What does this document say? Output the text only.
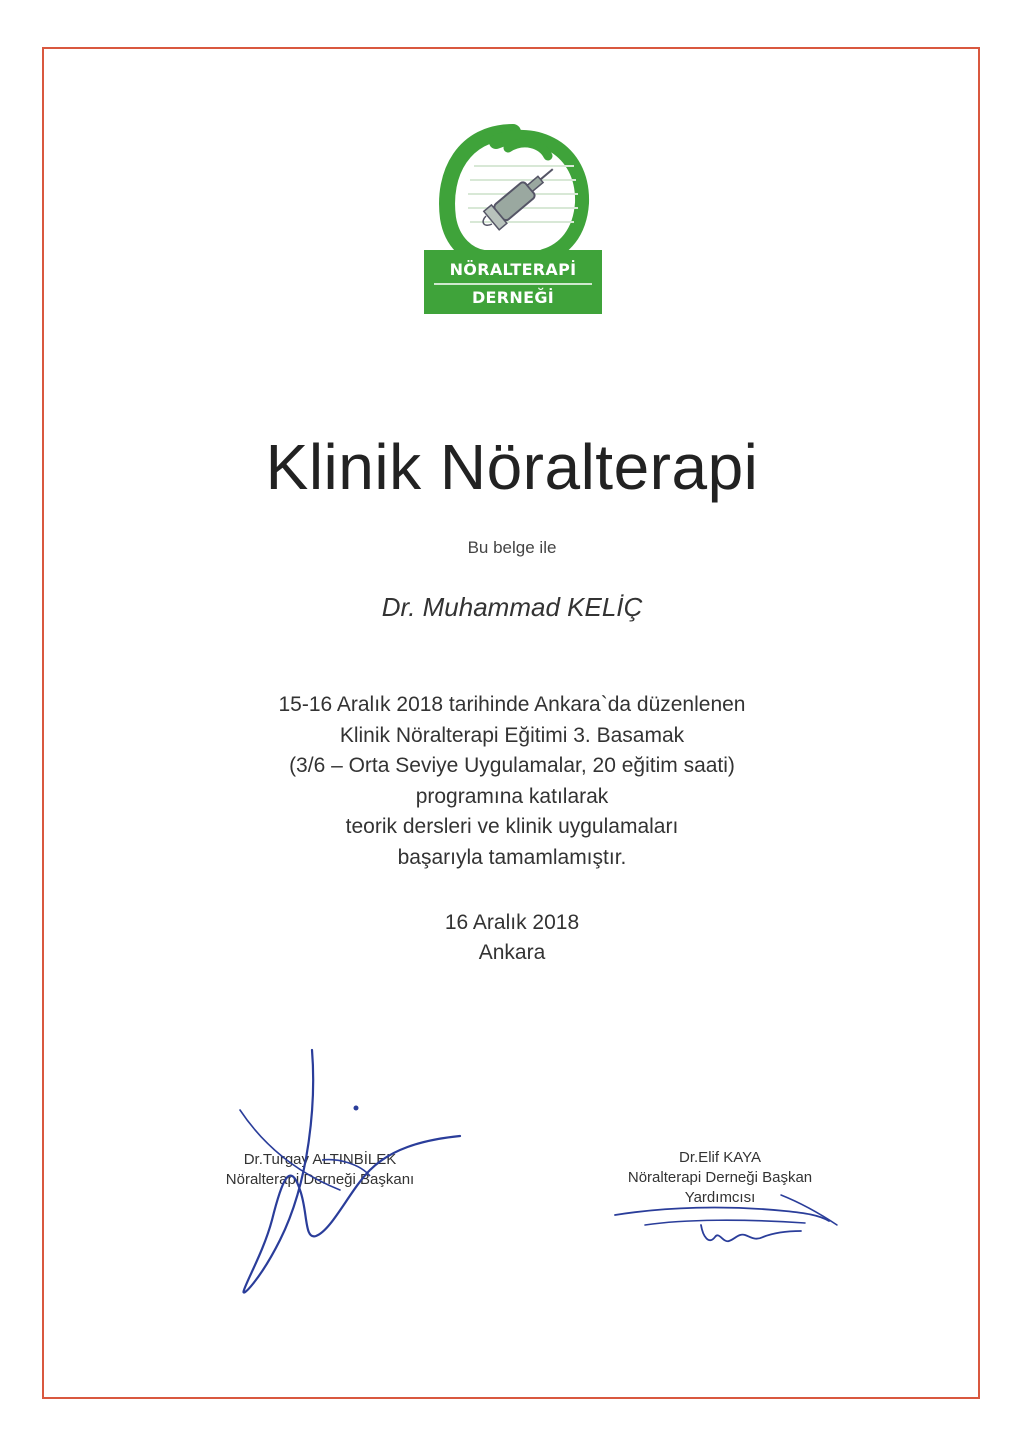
NÖRALTERAPİ
DERNEĞİ
Klinik Nöralterapi
Bu belge ile
Dr. Muhammad KELİÇ
15-16 Aralık 2018 tarihinde Ankara`da düzenlenen
Klinik Nöralterapi Eğitimi 3. Basamak
(3/6 – Orta Seviye Uygulamalar, 20 eğitim saati)
programına katılarak
teorik dersleri ve klinik uygulamaları
başarıyla tamamlamıştır.
16 Aralık 2018
Ankara
Dr.Turgay ALTINBİLEK
Nöralterapi Derneği Başkanı
Dr.Elif KAYA
Nöralterapi Derneği Başkan
Yardımcısı
